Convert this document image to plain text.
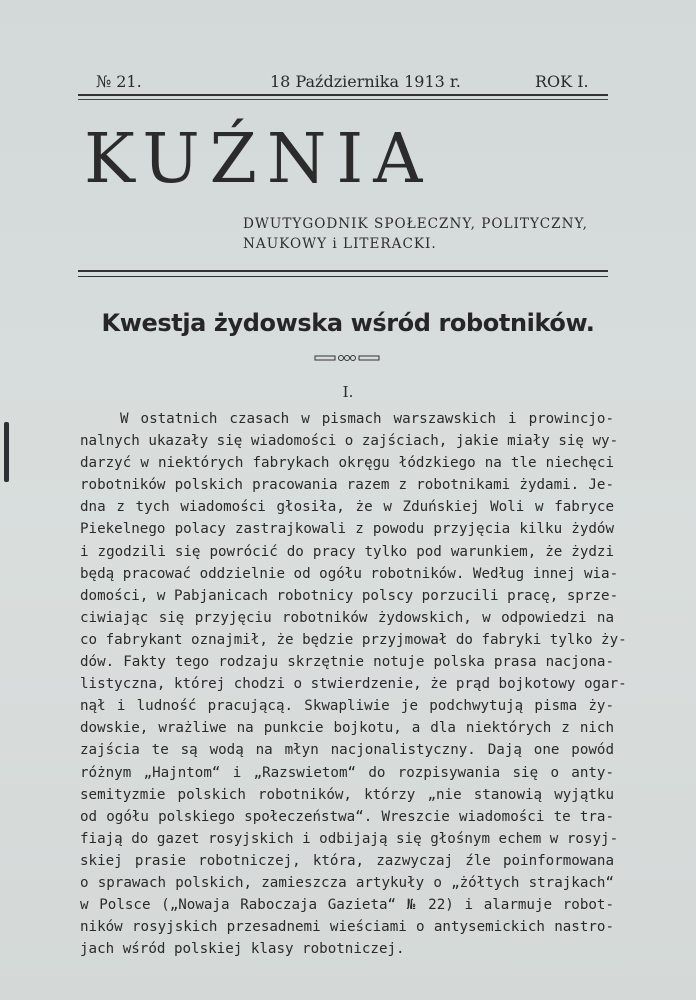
№ 21.	18 Października 1913 r.	ROK I.
KUŹNIA
DWUTYGODNIK SPOŁECZNY, POLITYCZNY,
NAUKOWY i LITERACKI.
Kwestja żydowska wśród robotników.
I.
W ostatnich czasach w pismach warszawskich i prowincjo-
nalnych ukazały się wiadomości o zajściach, jakie miały się wy-
darzyć w niektórych fabrykach okręgu łódzkiego na tle niechęci
robotników polskich pracowania razem z robotnikami żydami. Je-
dna z tych wiadomości głosiła, że w Zduńskiej Woli w fabryce
Piekelnego polacy zastrajkowali z powodu przyjęcia kilku żydów
i zgodzili się powrócić do pracy tylko pod warunkiem, że żydzi
będą pracować oddzielnie od ogółu robotników. Według innej wia-
domości, w Pabjanicach robotnicy polscy porzucili pracę, sprze-
ciwiając się przyjęciu robotników żydowskich, w odpowiedzi na
co fabrykant oznajmił, że będzie przyjmował do fabryki tylko ży-
dów. Fakty tego rodzaju skrzętnie notuje polska prasa nacjona-
listyczna, której chodzi o stwierdzenie, że prąd bojkotowy ogar-
nął i ludność pracującą. Skwapliwie je podchwytują pisma ży-
dowskie, wrażliwe na punkcie bojkotu, a dla niektórych z nich
zajścia te są wodą na młyn nacjonalistyczny. Dają one powód
różnym „Hajntom“ i „Razswietom“ do rozpisywania się o anty-
semityzmie polskich robotników, którzy „nie stanowią wyjątku
od ogółu polskiego społeczeństwa“. Wreszcie wiadomości te tra-
fiają do gazet rosyjskich i odbijają się głośnym echem w rosyj-
skiej prasie robotniczej, która, zazwyczaj źle poinformowana
o sprawach polskich, zamieszcza artykuły o „żółtych strajkach“
w Polsce („Nowaja Raboczaja Gazieta“ № 22) i alarmuje robot-
ników rosyjskich przesadnemi wieściami o antysemickich nastro-
jach wśród polskiej klasy robotniczej.
